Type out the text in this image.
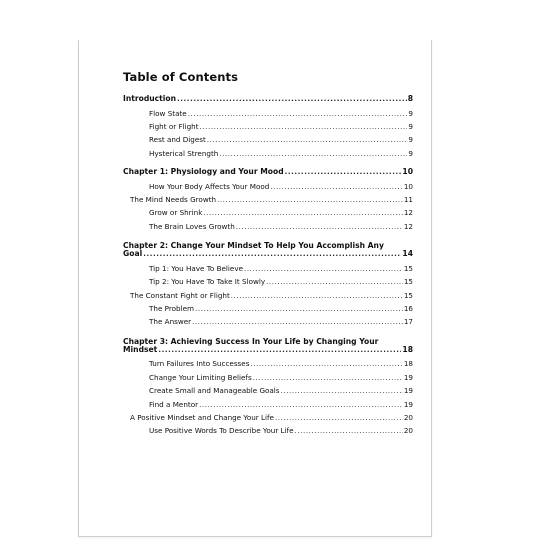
Table of Contents
Introduction .....	8
Flow State .....	9
Fight or Flight .....	9
Rest and Digest .....	9
Hysterical Strength .....	9
Chapter 1: Physiology and Your Mood .....	10
How Your Body Affects Your Mood .....	10
The Mind Needs Growth .....	11
Grow or Shrink .....	12
The Brain Loves Growth .....	12
Chapter 2: Change Your Mindset To Help You Accomplish Any
Goal .....	14
Tip 1: You Have To Believe .....	15
Tip 2: You Have To Take It Slowly .....	15
The Constant Fight or Flight .....	15
The Problem .....	16
The Answer .....	17
Chapter 3: Achieving Success In Your Life by Changing Your
Mindset .....	18
Turn Failures Into Successes .....	18
Change Your Limiting Beliefs .....	19
Create Small and Manageable Goals .....	19
Find a Mentor .....	19
A Positive Mindset and Change Your Life .....	20
Use Positive Words To Describe Your Life .....	20
